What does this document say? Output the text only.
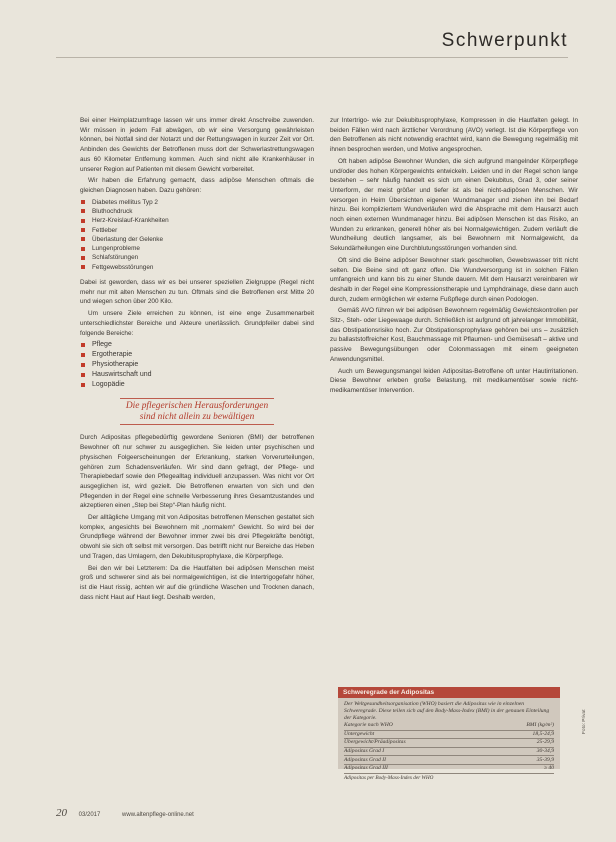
Schwerpunkt

Bei einer Heimplatzumfrage lassen wir uns immer direkt Anschreibe zuwenden. Wir müssen in jedem Fall abwägen, ob wir eine Versorgung gewährleisten können, bei Notfall sind der Notarzt und der Rettungswagen in kurzer Zeit vor Ort. Anbinden des Gewichts der Betroffenen muss dort der Schwerlastrettungswagen aus 60 Kilometer Entfernung kommen. Auch sind nicht alle Krankenhäuser in unserer Region auf Patienten mit diesem Gewicht vorbereitet.

Wir haben die Erfahrung gemacht, dass adipöse Menschen oftmals die gleichen Diagnosen haben. Dazu gehören:

Diabetes mellitus Typ 2
Bluthochdruck
Herz-Kreislauf-Krankheiten
Fettleber
Überlastung der Gelenke
Lungenprobleme
Schlafstörungen
Fettgewebsstörungen

Dabei ist geworden, dass wir es bei unserer speziellen Zielgruppe (Regel nicht mehr nur mit alten Menschen zu tun. Oftmals sind die Betroffenen erst Mitte 20 und wiegen schon über 200 Kilo.

Um unsere Ziele erreichen zu können, ist eine enge Zusammenarbeit unterschiedlichster Bereiche und Akteure unerlässlich. Grundpfeiler dabei sind folgende Bereiche:

Pflege
Ergotherapie
Physiotherapie
Hauswirtschaft und
Logopädie
Die pflegerischen Herausforderungen
sind nicht allein zu bewältigen

Durch Adipositas pflegebedürftig gewordene Senioren (BMI) der betroffenen Bewohner oft nur schwer zu ausgeglichen. Sie leiden unter psychischen und physischen Folgeerscheinungen der Erkrankung, starken Vorverurteilungen, gehören zum Schadensverläufen. Wir sind dann gefragt, der Pflege- und Therapiebedarf sowie den Pflegealltag individuell anzupassen. Was nicht vor Ort ausgeglichen ist, wird gezielt. Die Betroffenen erwarten von sich und den Pflegenden in der Regel eine schnelle Verbesserung ihres Gesamtzustandes und akzeptieren einen „Step bei Step“-Plan häufig nicht.

Der alltägliche Umgang mit von Adipositas betroffenen Menschen gestaltet sich komplex, angesichts bei Bewohnern mit „normalem“ Gewicht. So wird bei der Grundpflege während der Bewohner immer zwei bis drei Pflegekräfte benötigt, obwohl sie sich oft selbst mit versorgen. Das betrifft nicht nur Bereiche das Heben und Tragen, das Umlagern, den Dekubitusprophylaxe, die Körperpflege.

Bei den wir bei Letzterem: Da die Hautfalten bei adipösen Menschen meist groß und schwerer sind als bei normalgewichtigen, ist die Intertrigogefahr höher, ist die Haut rissig, achten wir auf die gründliche Waschen und Trocknen danach, dass nicht Haut auf Haut liegt. Deshalb werden,

zur Intertrigo- wie zur Dekubitusprophylaxe, Kompressen in die Hautfalten gelegt. In beiden Fällen wird nach ärztlicher Verordnung (AVO) verlegt. Ist die Körperpflege von den Betroffenen als nicht notwendig erachtet wird, kann die Bewegung regelmäßig mit ihnen besprochen werden, und Motive angesprochen.

Oft haben adipöse Bewohner Wunden, die sich aufgrund mangelnder Körperpflege und/oder des hohen Körpergewichts entwickeln. Leiden und in der Regel schon lange bestehen – sehr häufig handelt es sich um einen Dekubitus, Grad 3, oder seiner Unterform, der meist größer und tiefer ist als bei nicht-adipösen Menschen. Wir versorgen in Heim Übersichten eigenen Wundmanager und ziehen ihn bei Bedarf hinzu. Bei kompliziertem Wundverläufen wird die Absprache mit dem Hausarzt auch noch einen externen Wundmanager hinzu. Bei adipösen Menschen ist das Risiko, an Wunden zu erkranken, generell höher als bei Normalgewichtigen. Zudem verläuft die Wundheilung deutlich langsamer, als bei Bewohnern mit Normalgewicht, da Sekundärheilungen eine Durchblutungsstörungen vorhanden sind.

Oft sind die Beine adipöser Bewohner stark geschwollen, Gewebswasser tritt nicht selten. Die Beine sind oft ganz offen. Die Wundversorgung ist in solchen Fällen umfangreich und kann bis zu einer Stunde dauern. Mit dem Hausarzt vereinbaren wir deshalb in der Regel eine Kompressionstherapie und Lymphdrainage, diese dann auch durch, zudem ermöglichen wir externe Fußpflege durch einen Podologen.

Gemäß AVO führen wir bei adipösen Bewohnern regelmäßig Gewichtskontrollen per Sitz-, Steh- oder Liegewaage durch. Schließlich ist aufgrund oft jahrelanger Immobilität, das Obstipationsrisiko hoch. Zur Obstipationsprophylaxe gehören bei uns – zusätzlich zu ballaststoffreicher Kost, Bauchmassage mit Pflaumen- und Gemüsesaft – aktive und passive Bewegungsübungen oder Colonmassagen mit einem geeigneten Anwendungsmittel.

Auch um Bewegungsmangel leiden Adipositas-Betroffene oft unter Hautirritationen. Diese Bewohner erleben große Belastung, mit medikamentöser sowie nicht-medikamentöser Intervention.

Schweregrade der Adipositas
Der Weltgesundheitsorganisation (WHO) basiert die Adipositas wie in einzelnen Schweregrade. Diese teilen sich auf den Body-Mass-Index (BMI) in der genauen Einteilung der Kategorie.
Kategorie nach WHO	BMI (kg/m²)
Untergewicht	18,5-24,9
Übergewicht/Präadipositas	25-29,9
Adipositas Grad I	30-34,9
Adipositas Grad II	35-39,9
Adipositas Grad III	≥ 40
Adipositas per Body-Mass-Index der WHO
Foto: Privat
20 03/2017	www.altenpflege-online.net
